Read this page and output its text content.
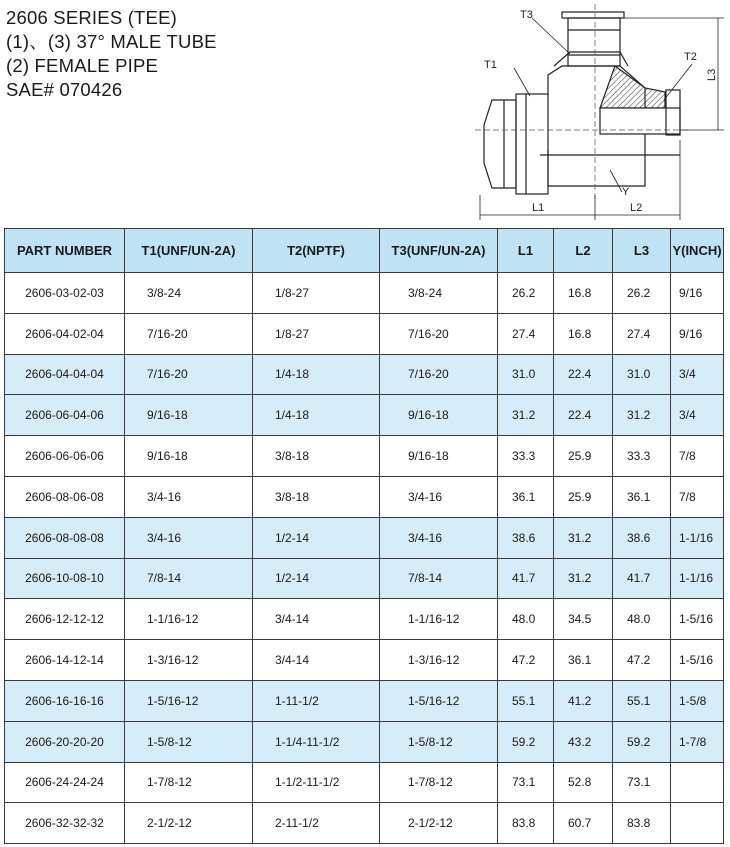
2606 SERIES (TEE)
(1)、(3) 37° MALE TUBE
(2) FEMALE PIPE
SAE# 070426
T3
T1
T2
L3
Y
L1	L2
PART NUMBER	T1(UNF/UN-2A)	T2(NPTF)	T3(UNF/UN-2A)	L1	L2	L3	Y(INCH)
2606-03-02-03	3/8-24	1/8-27	3/8-24	26.2	16.8	26.2	9/16
2606-04-02-04	7/16-20	1/8-27	7/16-20	27.4	16.8	27.4	9/16
2606-04-04-04	7/16-20	1/4-18	7/16-20	31.0	22.4	31.0	3/4
2606-06-04-06	9/16-18	1/4-18	9/16-18	31.2	22.4	31.2	3/4
2606-06-06-06	9/16-18	3/8-18	9/16-18	33.3	25.9	33.3	7/8
2606-08-06-08	3/4-16	3/8-18	3/4-16	36.1	25.9	36.1	7/8
2606-08-08-08	3/4-16	1/2-14	3/4-16	38.6	31.2	38.6	1-1/16
2606-10-08-10	7/8-14	1/2-14	7/8-14	41.7	31.2	41.7	1-1/16
2606-12-12-12	1-1/16-12	3/4-14	1-1/16-12	48.0	34.5	48.0	1-5/16
2606-14-12-14	1-3/16-12	3/4-14	1-3/16-12	47.2	36.1	47.2	1-5/16
2606-16-16-16	1-5/16-12	1-11-1/2	1-5/16-12	55.1	41.2	55.1	1-5/8
2606-20-20-20	1-5/8-12	1-1/4-11-1/2	1-5/8-12	59.2	43.2	59.2	1-7/8
2606-24-24-24	1-7/8-12	1-1/2-11-1/2	1-7/8-12	73.1	52.8	73.1	
2606-32-32-32	2-1/2-12	2-11-1/2	2-1/2-12	83.8	60.7	83.8	
